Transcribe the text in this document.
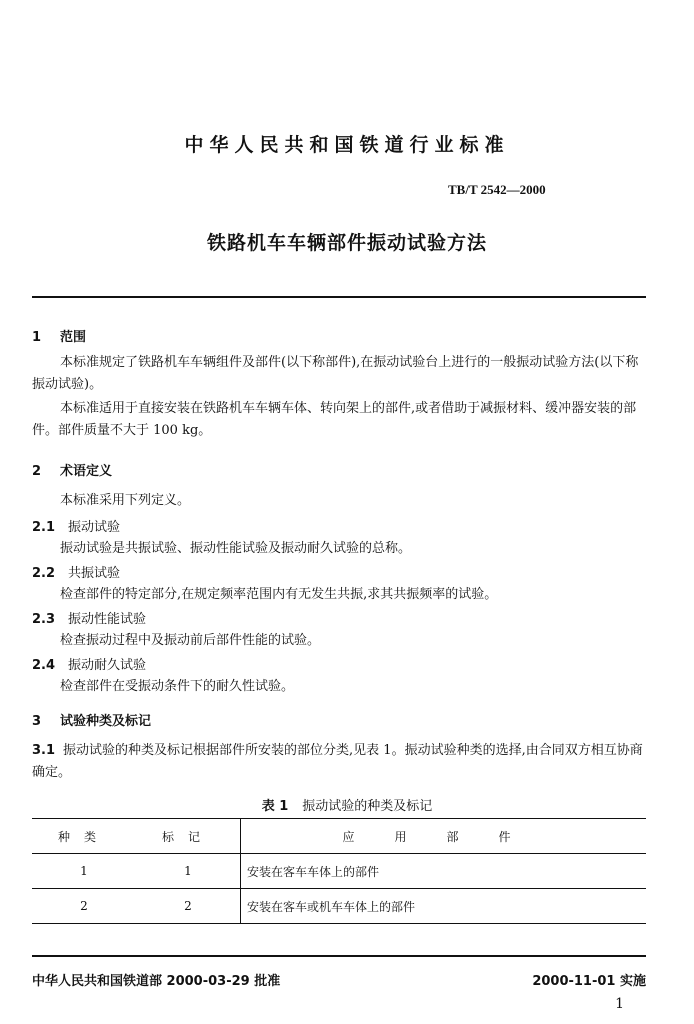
中华人民共和国铁道行业标准
TB/T 2542—2000
铁路机车车辆部件振动试验方法
1 范围
本标准规定了铁路机车车辆组件及部件(以下称部件),在振动试验台上进行的一般振动试验方法(以下称振动试验)。
本标准适用于直接安装在铁路机车车辆车体、转向架上的部件,或者借助于减振材料、缓冲器安装的部件。部件质量不大于 100 kg。
2 术语定义
本标准采用下列定义。
2.1 振动试验
振动试验是共振试验、振动性能试验及振动耐久试验的总称。
2.2 共振试验
检查部件的特定部分,在规定频率范围内有无发生共振,求其共振频率的试验。
2.3 振动性能试验
检查振动过程中及振动前后部件性能的试验。
2.4 振动耐久试验
检查部件在受振动条件下的耐久性试验。
3 试验种类及标记
3.1 振动试验的种类及标记根据部件所安装的部位分类,见表 1。振动试验种类的选择,由合同双方相互协商确定。
表 1 振动试验的种类及标记
种类	标记	应用部件
1	1	安装在客车车体上的部件
2	2	安装在客车或机车车体上的部件
中华人民共和国铁道部 2000-03-29 批准	2000-11-01 实施
1
